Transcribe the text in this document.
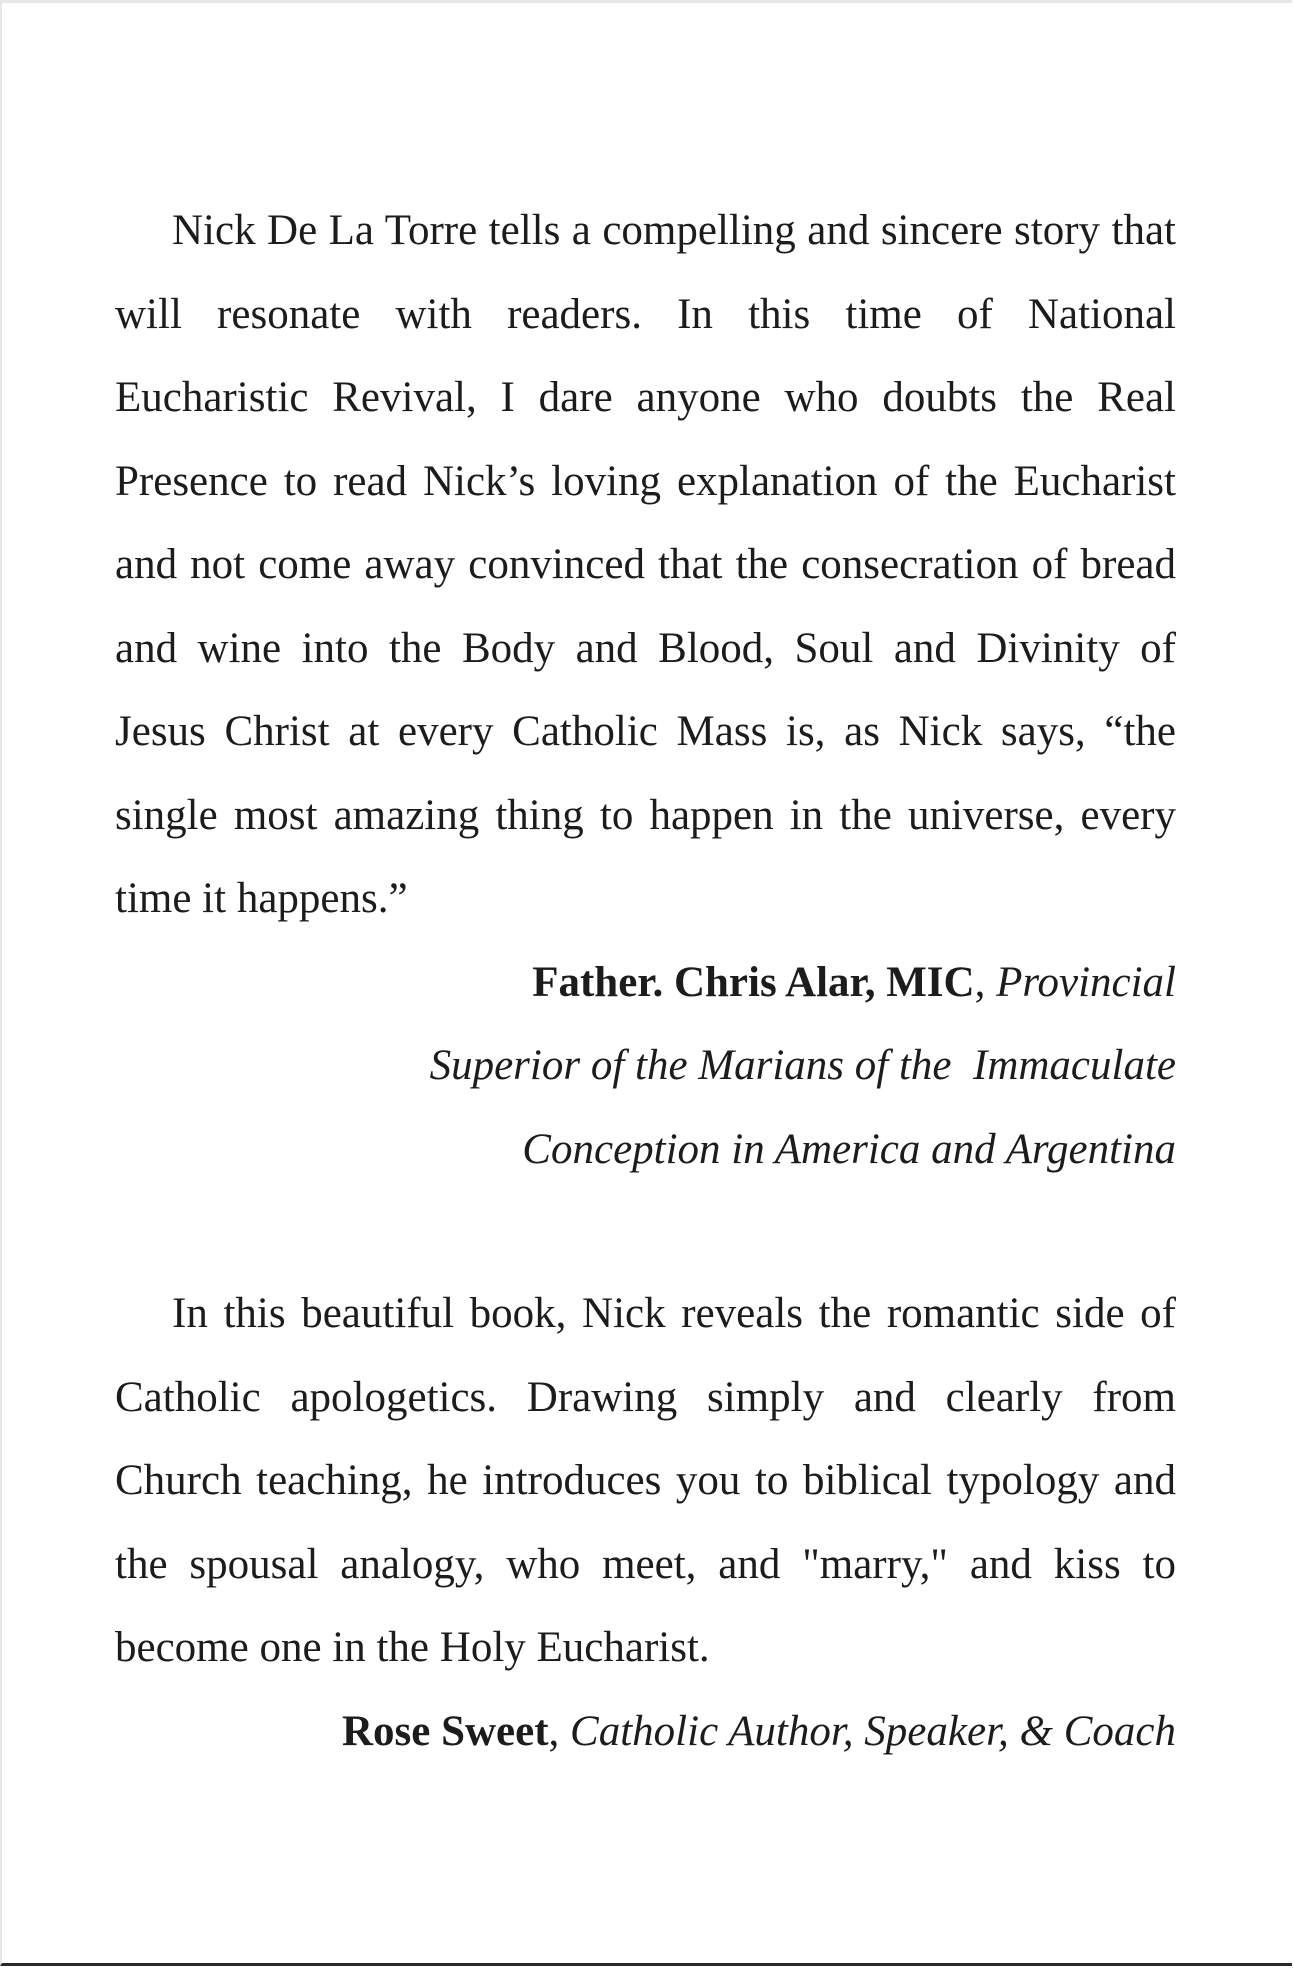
Nick De La Torre tells a compelling and sincere story that will resonate with readers. In this time of National Eucharistic Revival, I dare anyone who doubts the Real Presence to read Nick’s loving explanation of the Eucharist and not come away convinced that the consecration of bread and wine into the Body and Blood, Soul and Divinity of Jesus Christ at every Catholic Mass is, as Nick says, “the single most amazing thing to happen in the universe, every time it happens.”

Father. Chris Alar, MIC, Provincial
Superior of the Marians of the  Immaculate
Conception in America and Argentina

In this beautiful book, Nick reveals the romantic side of Catholic apologetics. Drawing simply and clearly from Church teaching, he introduces you to biblical typology and the spousal analogy, who meet, and "marry," and kiss to become one in the Holy Eucharist.

Rose Sweet, Catholic Author, Speaker, & Coach
